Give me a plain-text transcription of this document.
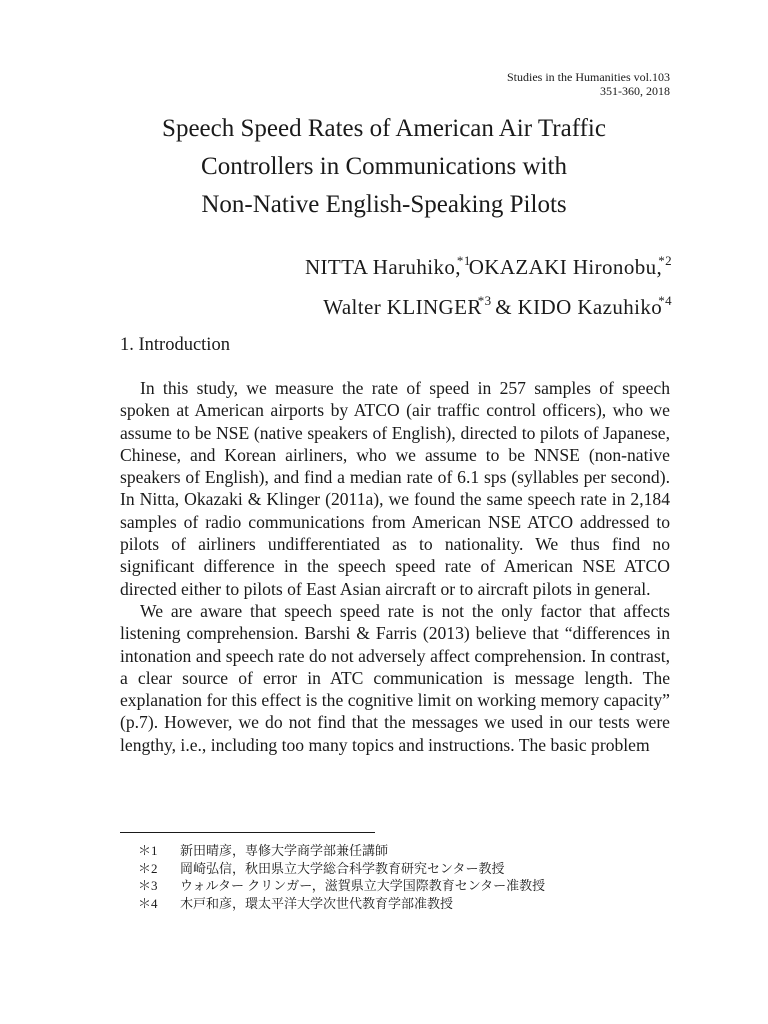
Studies in the Humanities vol.103
351-360, 2018
Speech Speed Rates of American Air Traffic
Controllers in Communications with
Non-Native English-Speaking Pilots
NITTA Haruhiko,$^{*1}$OKAZAKI Hironobu,$^{*2}$
Walter KLINGER$^{*3}$ & KIDO Kazuhiko$^{*4}$
1. Introduction

In this study, we measure the rate of speed in 257 samples of speech spoken at American airports by ATCO (air traffic control officers), who we assume to be NSE (native speakers of English), directed to pilots of Japanese, Chinese, and Korean airliners, who we assume to be NNSE (non-native speakers of English), and find a median rate of 6.1 sps (syllables per second). In Nitta, Okazaki & Klinger (2011a), we found the same speech rate in 2,184 samples of radio communications from American NSE ATCO addressed to pilots of airliners undifferentiated as to nationality. We thus find no significant difference in the speech speed rate of American NSE ATCO directed either to pilots of East Asian aircraft or to aircraft pilots in general.

We are aware that speech speed rate is not the only factor that affects listening comprehension. Barshi & Farris (2013) believe that “differences in intonation and speech rate do not adversely affect comprehension. In contrast, a clear source of error in ATC communication is message length. The explanation for this effect is the cognitive limit on working memory capacity” (p.7). However, we do not find that the messages we used in our tests were lengthy, i.e., including too many topics and instructions. The basic problem

＊1	新田晴彦，専修大学商学部兼任講師
＊2	岡崎弘信，秋田県立大学総合科学教育研究センター教授
＊3	ウォルター クリンガー，滋賀県立大学国際教育センター准教授
＊4	木戸和彦，環太平洋大学次世代教育学部准教授
